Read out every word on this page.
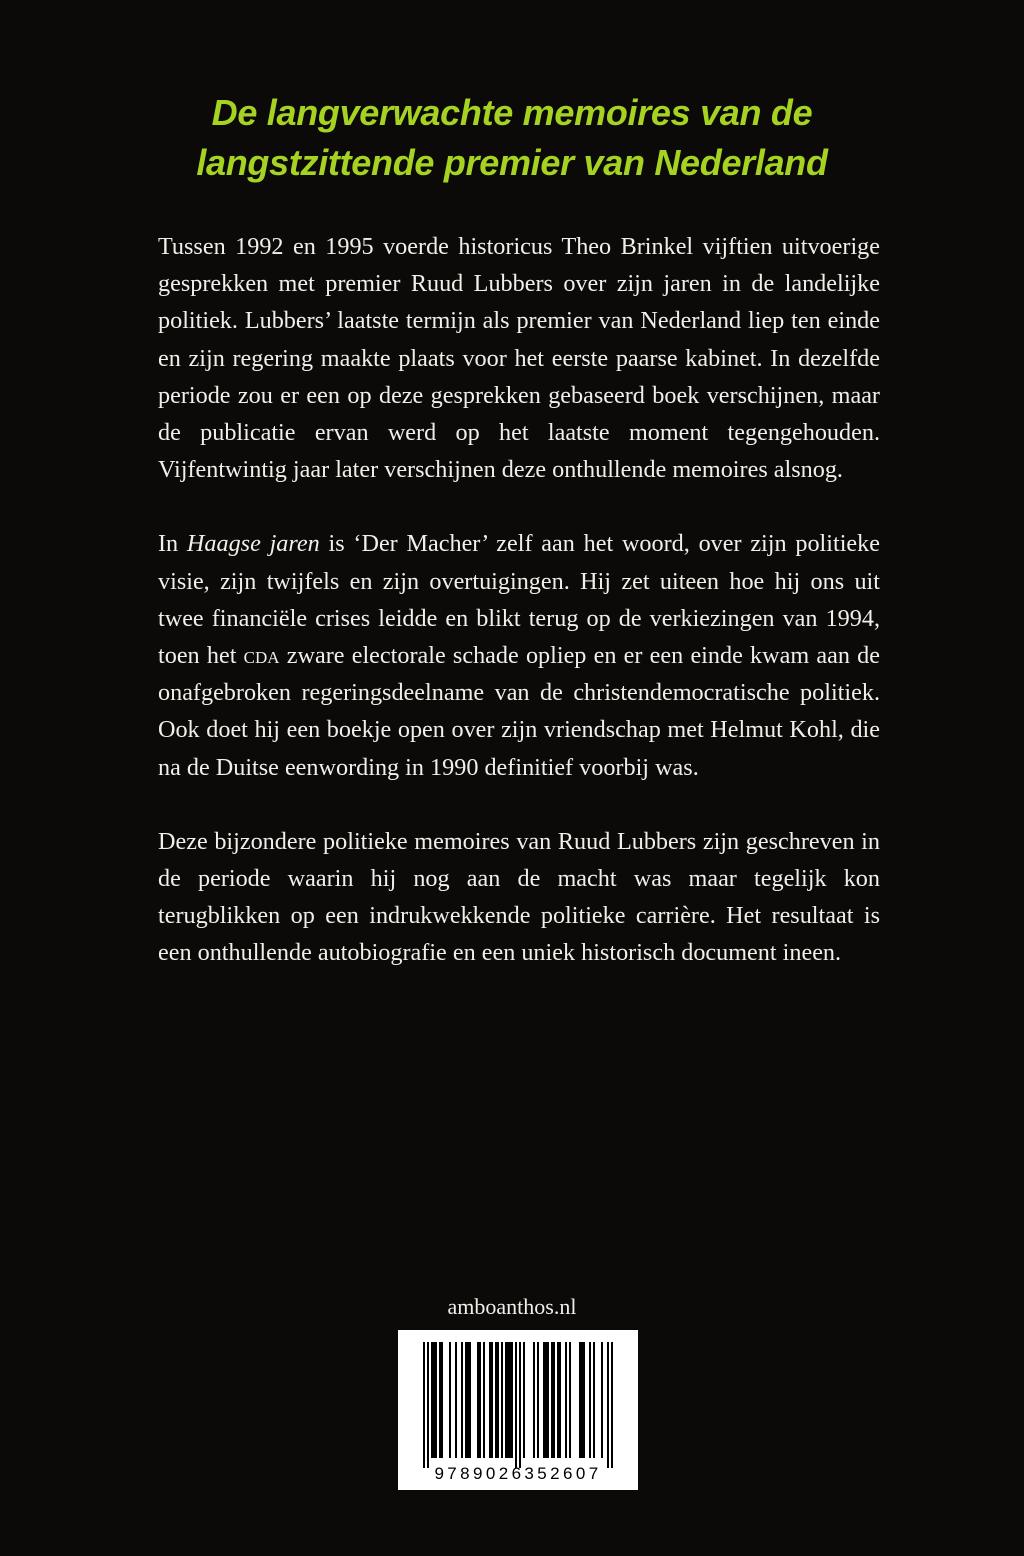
De langverwachte memoires van de
langstzittende premier van Nederland

Tussen 1992 en 1995 voerde historicus Theo Brinkel vijftien uitvoerige gesprekken met premier Ruud Lubbers over zijn jaren in de landelijke politiek. Lubbers’ laatste termijn als premier van Nederland liep ten einde en zijn regering maakte plaats voor het eerste paarse kabinet. In dezelfde periode zou er een op deze gesprekken gebaseerd boek verschijnen, maar de publicatie ervan werd op het laatste moment tegengehouden. Vijfentwintig jaar later verschijnen deze onthullende memoires alsnog.

In Haagse jaren is ‘Der Macher’ zelf aan het woord, over zijn politieke visie, zijn twijfels en zijn overtuigingen. Hij zet uiteen hoe hij ons uit twee financiële crises leidde en blikt terug op de verkiezingen van 1994, toen het cda zware electorale schade opliep en er een einde kwam aan de onafgebroken regeringsdeelname van de christendemocratische politiek. Ook doet hij een boekje open over zijn vriendschap met Helmut Kohl, die na de Duitse eenwording in 1990 definitief voorbij was.

Deze bijzondere politieke memoires van Ruud Lubbers zijn geschreven in de periode waarin hij nog aan de macht was maar tegelijk kon terugblikken op een indrukwekkende politieke carrière. Het resultaat is een onthullende autobiografie en een uniek historisch document ineen.

amboanthos.nl
9789026352607
